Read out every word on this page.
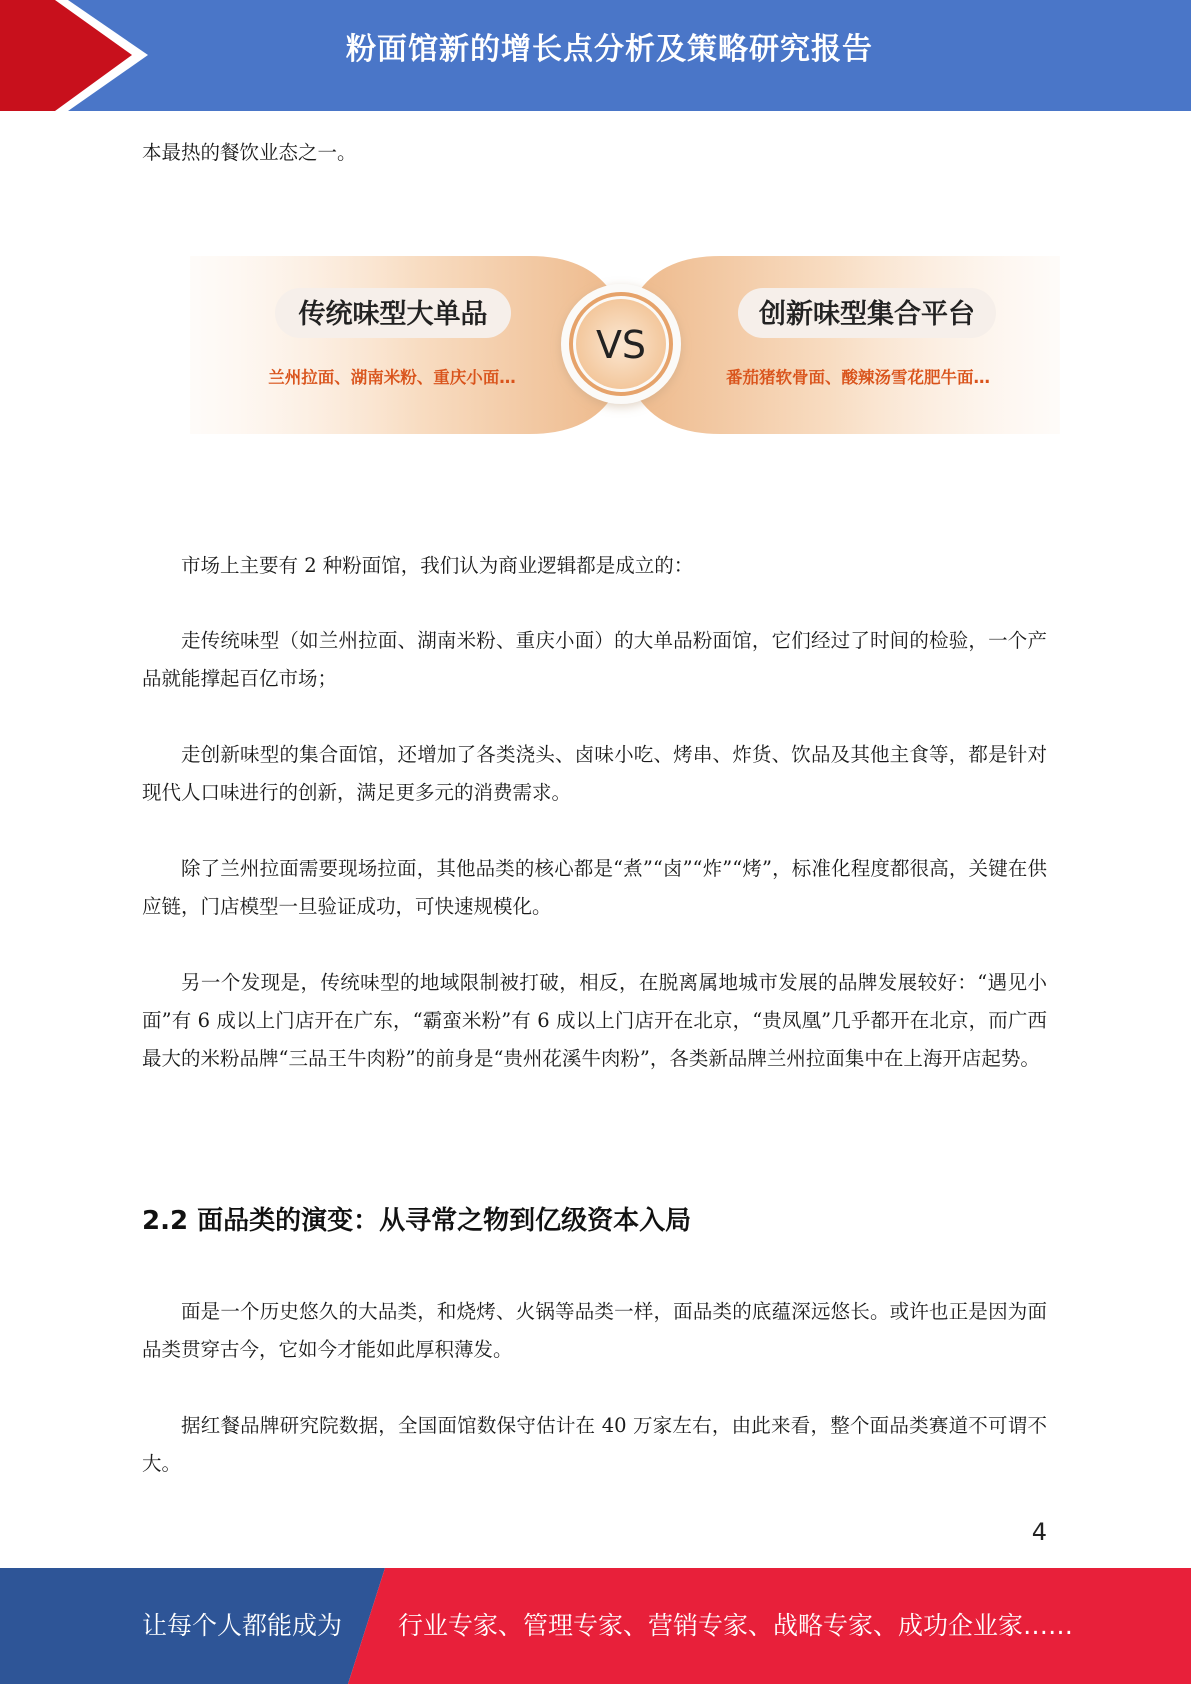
粉面馆新的增长点分析及策略研究报告

本最热的餐饮业态之一。

传统味型大单品	创新味型集合平台
兰州拉面、湖南米粉、重庆小面…	番茄猪软骨面、酸辣汤雪花肥牛面…
VS

市场上主要有 2 种粉面馆，我们认为商业逻辑都是成立的：

走传统味型（如兰州拉面、湖南米粉、重庆小面）的大单品粉面馆，它们经过了时间的检验，一个产品就能撑起百亿市场；

走创新味型的集合面馆，还增加了各类浇头、卤味小吃、烤串、炸货、饮品及其他主食等，都是针对现代人口味进行的创新，满足更多元的消费需求。

除了兰州拉面需要现场拉面，其他品类的核心都是“煮”“卤”“炸”“烤”，标准化程度都很高，关键在供应链，门店模型一旦验证成功，可快速规模化。

另一个发现是，传统味型的地域限制被打破，相反，在脱离属地城市发展的品牌发展较好：“遇见小面”有 6 成以上门店开在广东，“霸蛮米粉”有 6 成以上门店开在北京，“贵凤凰”几乎都开在北京，而广西最大的米粉品牌“三品王牛肉粉”的前身是“贵州花溪牛肉粉”，各类新品牌兰州拉面集中在上海开店起势。

2.2 面品类的演变：从寻常之物到亿级资本入局

面是一个历史悠久的大品类，和烧烤、火锅等品类一样，面品类的底蕴深远悠长。或许也正是因为面品类贯穿古今，它如今才能如此厚积薄发。

据红餐品牌研究院数据，全国面馆数保守估计在 40 万家左右，由此来看，整个面品类赛道不可谓不大。

4
让每个人都能成为 行业专家、管理专家、营销专家、战略专家、成功企业家……
